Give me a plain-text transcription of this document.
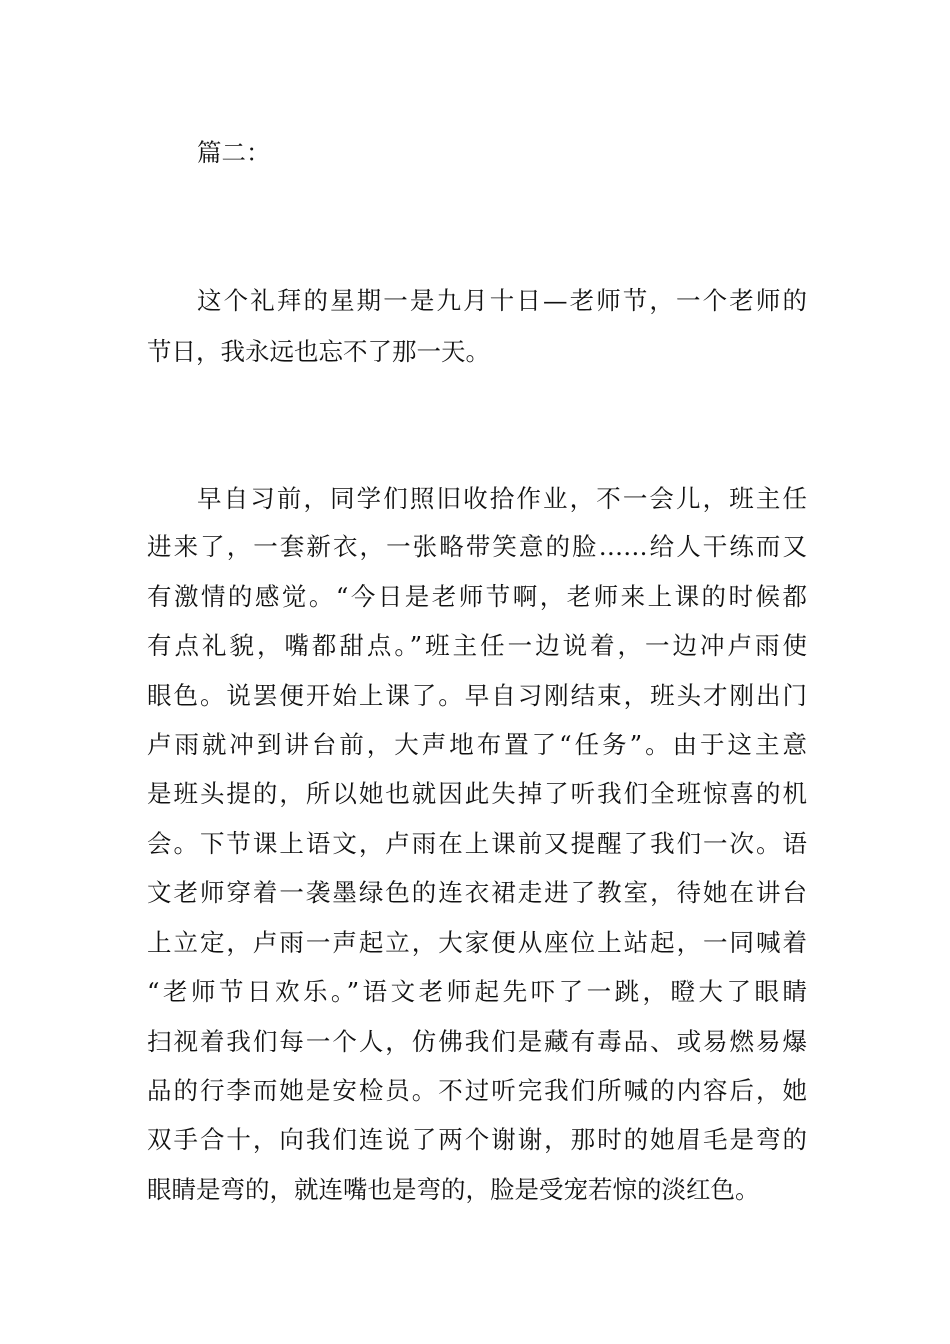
篇二：
这个礼拜的星期一是九月十日—老师节，一个老师的
节日，我永远也忘不了那一天。
早自习前，同学们照旧收拾作业，不一会儿，班主任
进来了，一套新衣，一张略带笑意的脸……给人干练而又
有激情的感觉。“今日是老师节啊，老师来上课的时候都
有点礼貌，嘴都甜点。”班主任一边说着，一边冲卢雨使
眼色。说罢便开始上课了。早自习刚结束，班头才刚出门
卢雨就冲到讲台前，大声地布置了“任务”。由于这主意
是班头提的，所以她也就因此失掉了听我们全班惊喜的机
会。下节课上语文，卢雨在上课前又提醒了我们一次。语
文老师穿着一袭墨绿色的连衣裙走进了教室，待她在讲台
上立定，卢雨一声起立，大家便从座位上站起，一同喊着
“老师节日欢乐。”语文老师起先吓了一跳，瞪大了眼睛
扫视着我们每一个人，仿佛我们是藏有毒品、或易燃易爆
品的行李而她是安检员。不过听完我们所喊的内容后，她
双手合十，向我们连说了两个谢谢，那时的她眉毛是弯的
眼睛是弯的，就连嘴也是弯的，脸是受宠若惊的淡红色。
